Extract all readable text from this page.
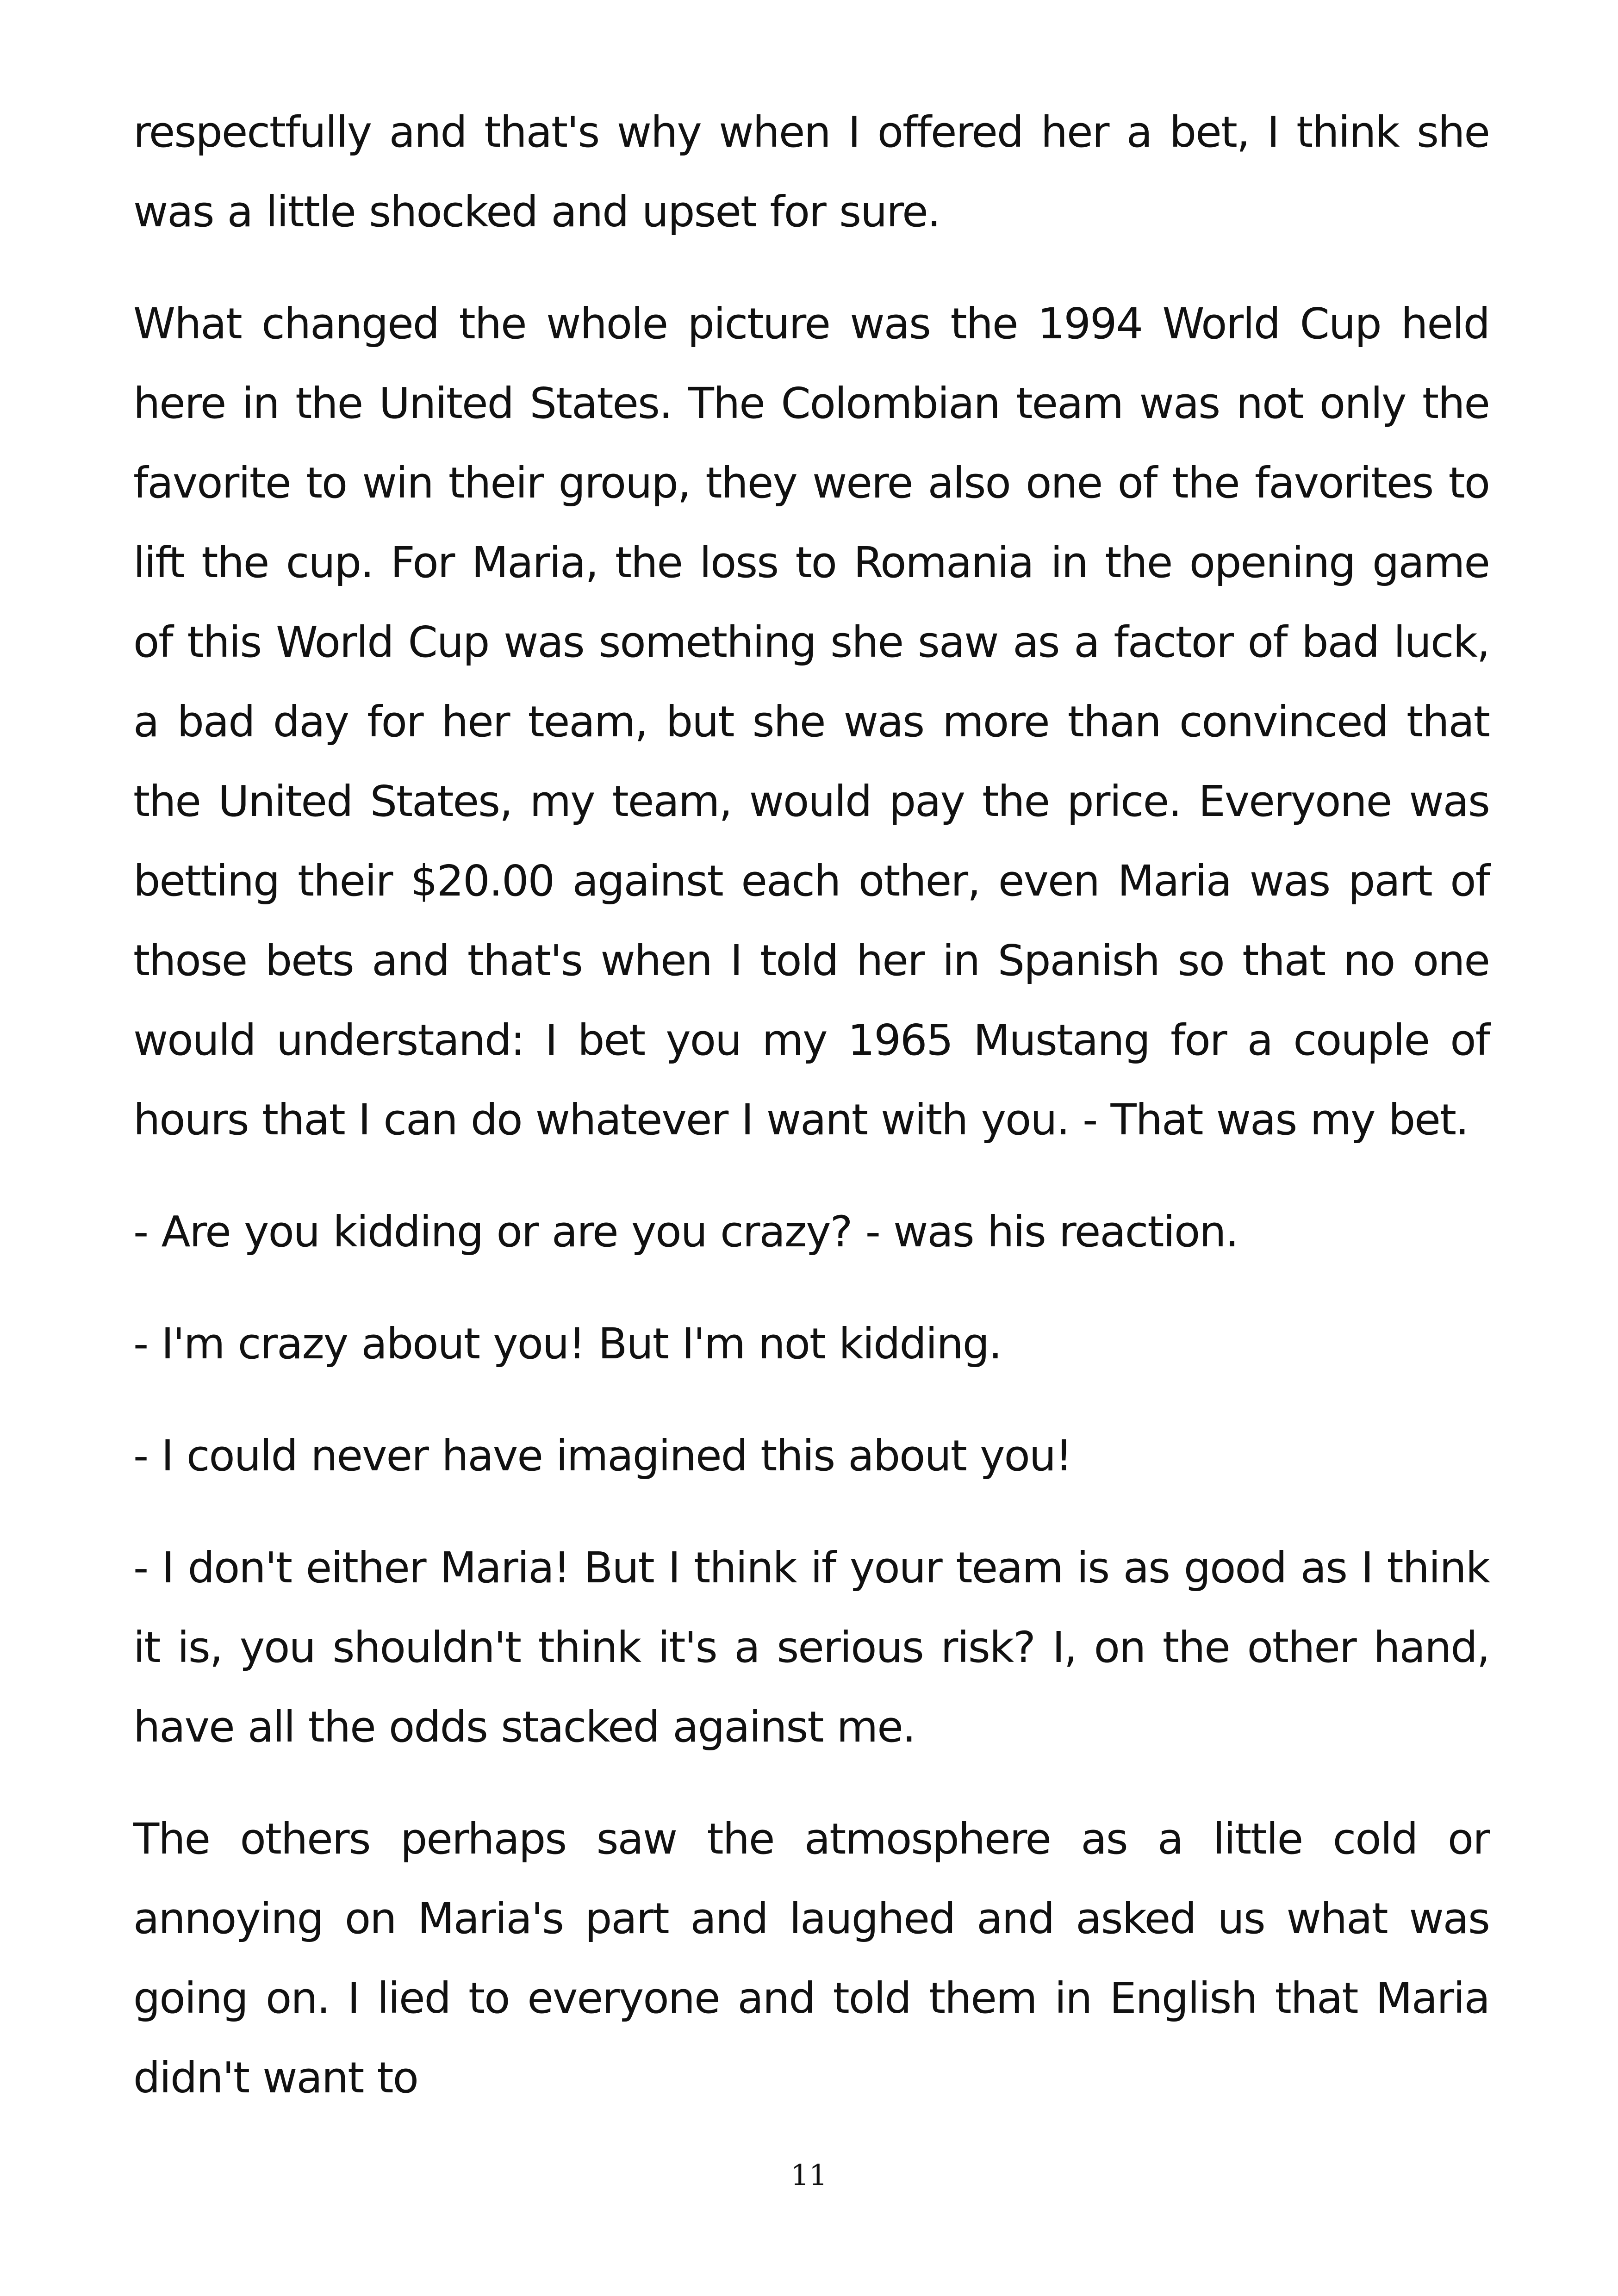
respectfully and that's why when I offered her a bet, I think she was a little shocked and upset for sure.

What changed the whole picture was the 1994 World Cup held here in the United States. The Colombian team was not only the favorite to win their group, they were also one of the favorites to lift the cup. For Maria, the loss to Romania in the opening game of this World Cup was something she saw as a factor of bad luck, a bad day for her team, but she was more than convinced that the United States, my team, would pay the price. Everyone was betting their $20.00 against each other, even Maria was part of those bets and that's when I told her in Spanish so that no one would understand: I bet you my 1965 Mustang for a couple of hours that I can do whatever I want with you. - That was my bet.

- Are you kidding or are you crazy? - was his reaction.

- I'm crazy about you! But I'm not kidding.

- I could never have imagined this about you!

- I don't either Maria! But I think if your team is as good as I think it is, you shouldn't think it's a serious risk? I, on the other hand, have all the odds stacked against me.

The others perhaps saw the atmosphere as a little cold or annoying on Maria's part and laughed and asked us what was going on. I lied to everyone and told them in English that Maria didn't want to

11
